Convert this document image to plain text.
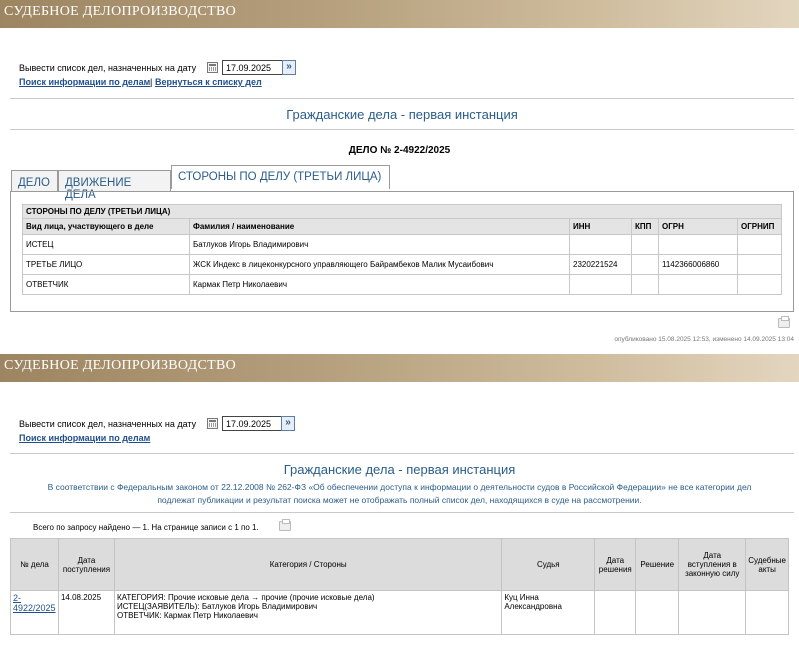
СУДЕБНОЕ ДЕЛОПРОИЗВОДСТВО
Вывести список дел, назначенных на дату	17.09.2025	»
Поиск информации по делам | Вернуться к списку дел
Гражданские дела - первая инстанция
ДЕЛО № 2-4922/2025
ДЕЛО	ДВИЖЕНИЕ ДЕЛА
СТОРОНЫ ПО ДЕЛУ (ТРЕТЬИ ЛИЦА)
СТОРОНЫ ПО ДЕЛУ (ТРЕТЬИ ЛИЦА)					
Вид лица, участвующего в деле	Фамилия / наименование	ИНН	КПП	ОГРН	ОГРНИП
ИСТЕЦ	Батлуков Игорь Владимирович				
ТРЕТЬЕ ЛИЦО	ЖСК Индекс в лицеконкурсного управляющего Байрамбеков Малик Мусаибович	2320221524		1142366006860	
ОТВЕТЧИК	Кармак Петр Николаевич				
опубликовано 15.08.2025 12:53, изменено 14.09.2025 13:04
СУДЕБНОЕ ДЕЛОПРОИЗВОДСТВО
Вывести список дел, назначенных на дату	17.09.2025	»
Поиск информации по делам
Гражданские дела - первая инстанция
В соответствии с Федеральным законом от 22.12.2008 № 262-ФЗ «Об обеспечении доступа к информации о деятельности судов в Российской Федерации» не все категории дел
подлежат публикации и результат поиска может не отображать полный список дел, находящихся в суде на рассмотрении.
Всего по запросу найдено — 1. На странице записи с 1 по 1.
№ дела	Дата поступления	Категория / Стороны	Судья	Дата решения	Решение	Дата вступления в законную силу	Судебные акты
2-4922/2025	14.08.2025	КАТЕГОРИЯ: Прочие исковые дела → прочие (прочие исковые дела)
ИСТЕЦ(ЗАЯВИТЕЛЬ): Батлуков Игорь Владимирович
ОТВЕТЧИК: Кармак Петр Николаевич	Куц Инна Александровна				
